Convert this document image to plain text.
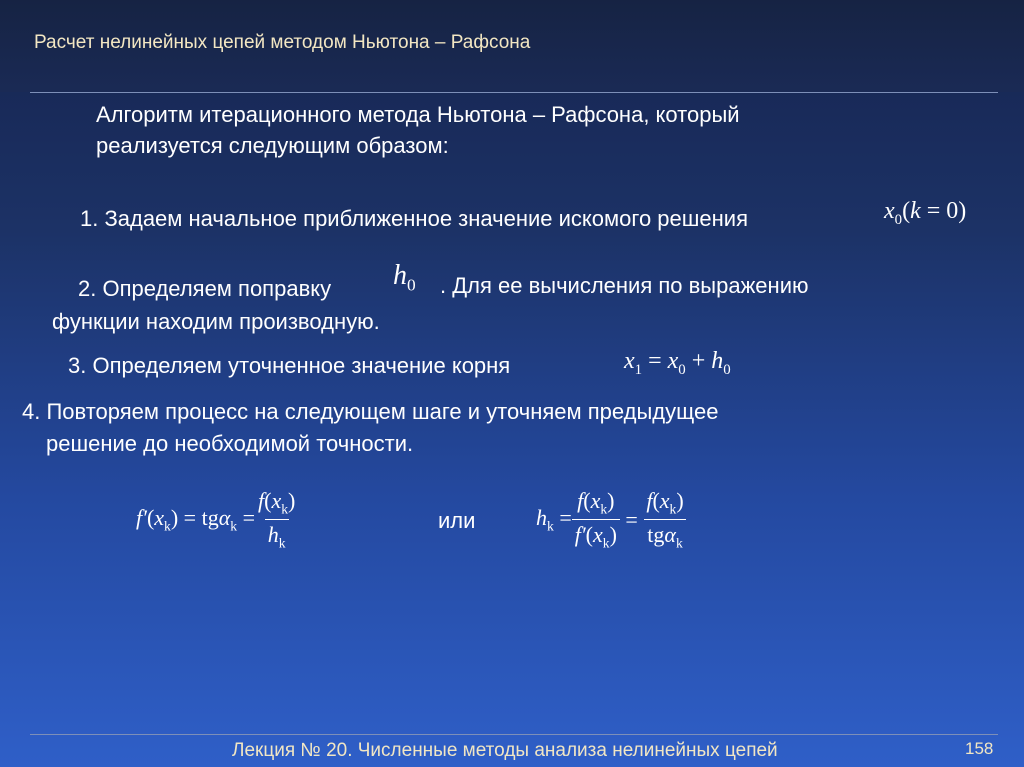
Расчет нелинейных цепей методом Ньютона – Рафсона
Алгоритм итерационного метода Ньютона – Рафсона, который
реализуется следующим образом:
1. Задаем начальное приближенное значение искомого решения	$x_0(k = 0)$
2. Определяем поправку $h_0$ . Для ее вычисления по выражению
функции находим производную.
3. Определяем уточненное значение корня	$x_1 = x_0 + h_0$
4. Повторяем процесс на следующем шаге и уточняем предыдущее
решение до необходимой точности.
$f'(x_k) = tg\alpha_k = \frac{f(x_k)}{h_k}$	или	$h_k = \frac{f(x_k)}{f'(x_k)} = \frac{f(x_k)}{tg\alpha_k}$
Лекция № 20. Численные методы анализа нелинейных цепей	158
